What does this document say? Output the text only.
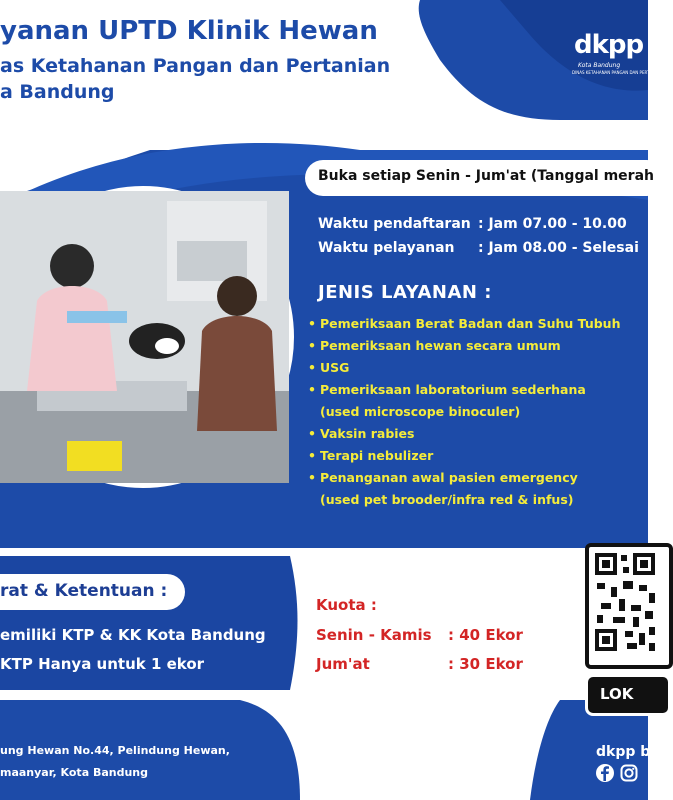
yanan UPTD Klinik Hewan
as Ketahanan Pangan dan Pertanian
a Bandung
dkpp
Kota Bandung
DINAS KETAHANAN PANGAN DAN PERTANIAN
Buka setiap Senin - Jum'at (Tanggal merah
Waktu pendaftaran : Jam 07.00 - 10.00
Waktu pelayanan : Jam 08.00 - Selesai
JENIS LAYANAN :
• Pemeriksaan Berat Badan dan Suhu Tubuh
• Pemeriksaan hewan secara umum
• USG
• Pemeriksaan laboratorium sederhana
(used microscope binoculer)
• Vaksin rabies
• Terapi nebulizer
• Penanganan awal pasien emergency
(used pet brooder/infra red & infus)
rat & Ketentuan :
emiliki KTP & KK Kota Bandung
KTP Hanya untuk 1 ekor
Kuota :
Senin - Kamis : 40 Ekor
Jum'at	: 30 Ekor
LOK
ung Hewan No.44, Pelindung Hewan,
maanyar, Kota Bandung
dkpp b
